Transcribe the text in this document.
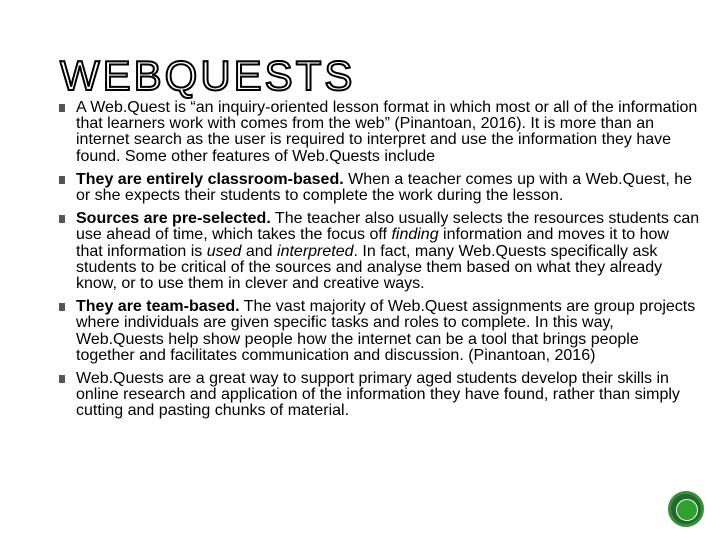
WEBQUESTS
A Web.Quest is “an inquiry-oriented lesson format in which most or all of the information that learners work with comes from the web” (Pinantoan, 2016). It is more than an internet search as the user is required to interpret and use the information they have found. Some other features of Web.Quests include
They are entirely classroom-based. When a teacher comes up with a Web.Quest, he or she expects their students to complete the work during the lesson.
Sources are pre-selected. The teacher also usually selects the resources students can use ahead of time, which takes the focus off finding information and moves it to how that information is used and interpreted. In fact, many Web.Quests specifically ask students to be critical of the sources and analyse them based on what they already know, or to use them in clever and creative ways.
They are team-based. The vast majority of Web.Quest assignments are group projects where individuals are given specific tasks and roles to complete. In this way, Web.Quests help show people how the internet can be a tool that brings people together and facilitates communication and discussion. (Pinantoan, 2016)
Web.Quests are a great way to support primary aged students develop their skills in online research and application of the information they have found, rather than simply cutting and pasting chunks of material.
